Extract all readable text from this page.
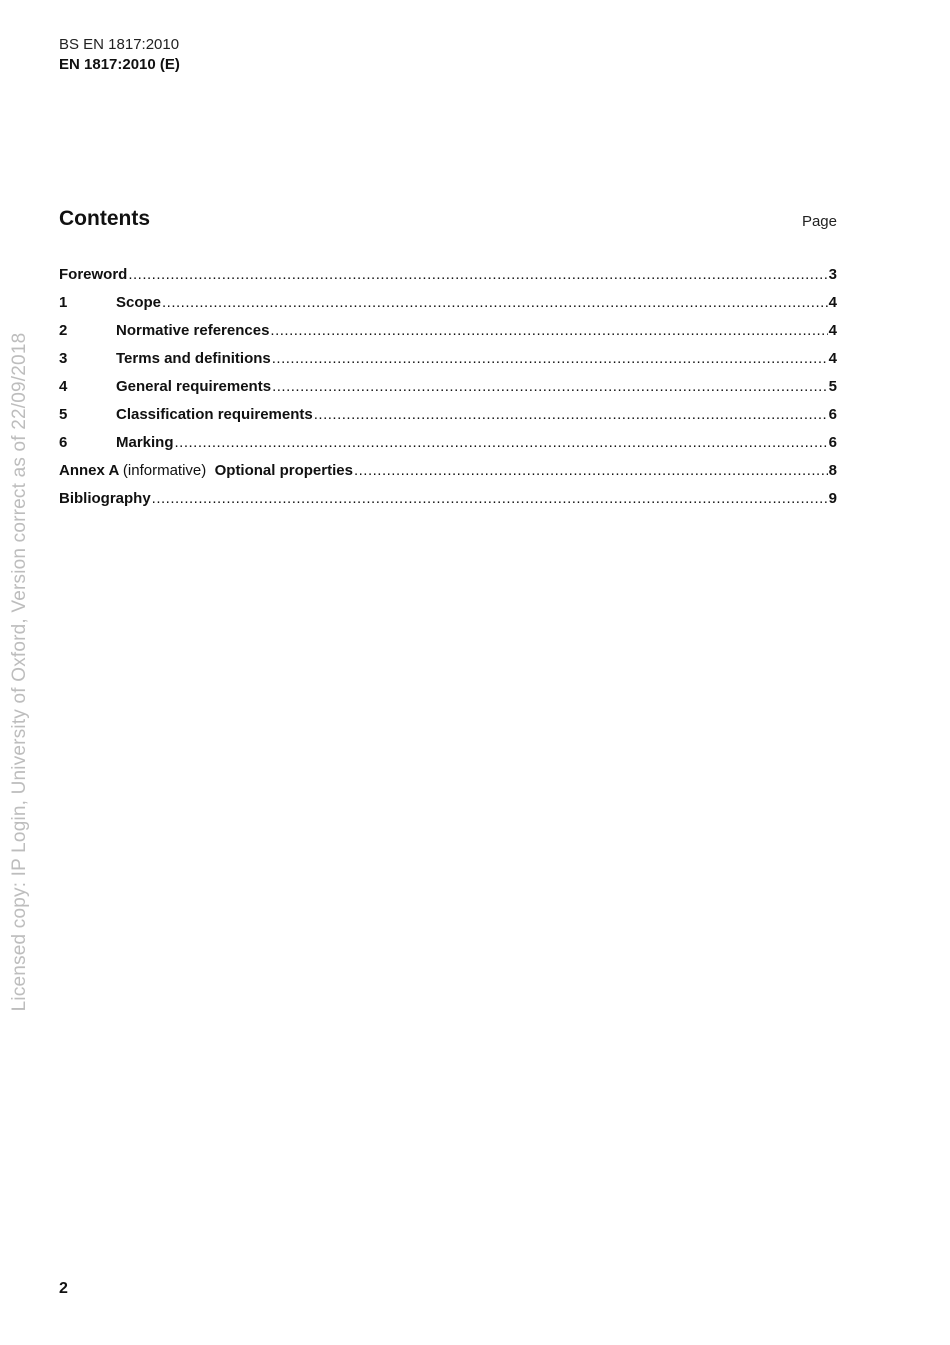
BS EN 1817:2010
EN 1817:2010 (E)
Contents	Page
Foreword .....	3
1	Scope .....	4
2	Normative references .....	4
3	Terms and definitions .....	4
4	General requirements .....	5
5	Classification requirements .....	6
6	Marking .....	6
Annex A (informative) Optional properties .....	8
Bibliography .....	9
Licensed copy: IP Login, University of Oxford, Version correct as of 22/09/2018
2
